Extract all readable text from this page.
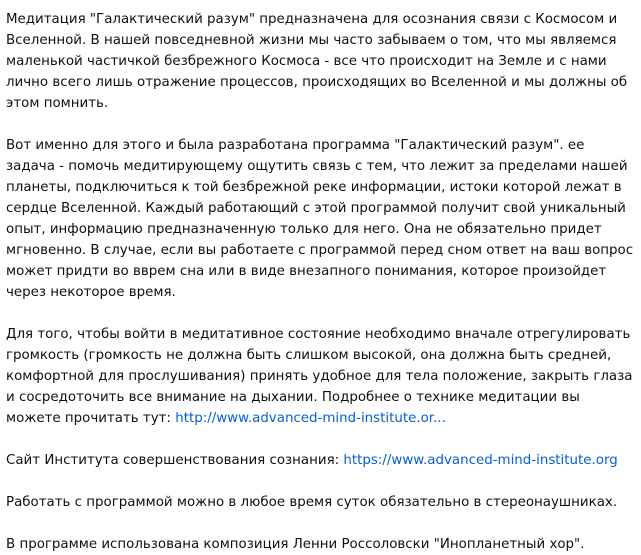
Медитация "Галактический разум" предназначена для осознания связи с Космосом и Вселенной. В нашей повседневной жизни мы часто забываем о том, что мы являемся маленькой частичкой безбрежного Космоса - все что происходит на Земле и с нами лично всего лишь отражение процессов, происходящих во Вселенной и мы должны об этом помнить.

Вот именно для этого и была разработана программа "Галактический разум". ее задача - помочь медитирующему ощутить связь с тем, что лежит за пределами нашей планеты, подключиться к той безбрежной реке информации, истоки которой лежат в сердце Вселенной. Каждый работающий с этой программой получит свой уникальный опыт, информацию предназначенную только для него. Она не обязательно придет мгновенно. В случае, если вы работаете с программой перед сном ответ на ваш вопрос может придти во вврем сна или в виде внезапного понимания, которое произойдет через некоторое время.

Для того, чтобы войти в медитативное состояние необходимо вначале отрегулировать громкость (громкость не должна быть слишком высокой, она должна быть средней, комфортной для прослушивания) принять удобное для тела положение, закрыть глаза и сосредоточить все внимание на дыхании. Подробнее о технике медитации вы можете прочитать тут: http://www.advanced-mind-institute.or...

Сайт Института совершенствования сознания: https://www.advanced-mind-institute.org

Работать с программой можно в любое время суток обязательно в стереонаушниках.

В программе использована композиция Ленни Россоловски "Инопланетный хор".
